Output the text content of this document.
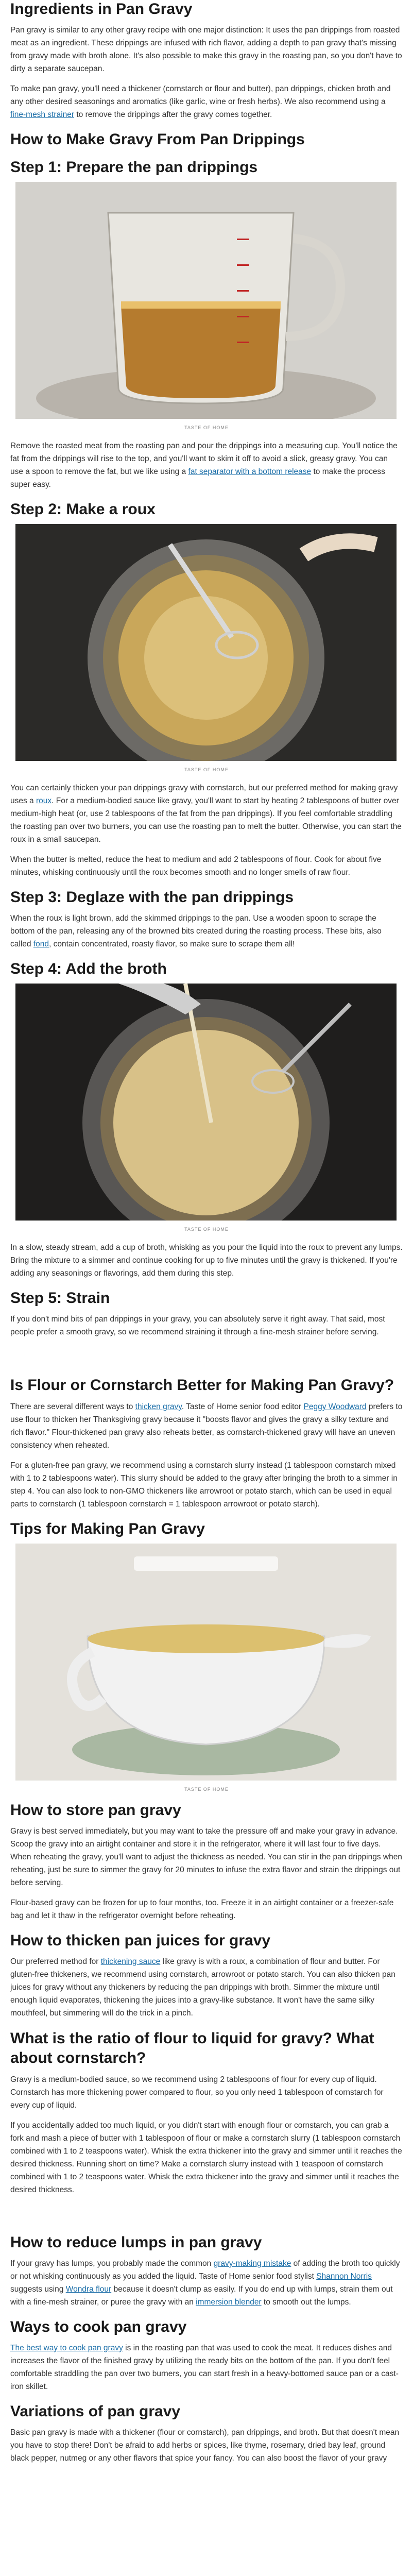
Ingredients in Pan Gravy

Pan gravy is similar to any other gravy recipe with one major distinction: It uses the pan drippings from roasted meat as an ingredient. These drippings are infused with rich flavor, adding a depth to pan gravy that's missing from gravy made with broth alone. It's also possible to make this gravy in the roasting pan, so you don't have to dirty a separate saucepan.

To make pan gravy, you'll need a thickener (cornstarch or flour and butter), pan drippings, chicken broth and any other desired seasonings and aromatics (like garlic, wine or fresh herbs). We also recommend using a fine-mesh strainer to remove the drippings after the gravy comes together.

How to Make Gravy From Pan Drippings
Step 1: Prepare the pan drippings
TASTE OF HOME

Remove the roasted meat from the roasting pan and pour the drippings into a measuring cup. You'll notice the fat from the drippings will rise to the top, and you'll want to skim it off to avoid a slick, greasy gravy. You can use a spoon to remove the fat, but we like using a fat separator with a bottom release to make the process super easy.

Step 2: Make a roux
TASTE OF HOME

You can certainly thicken your pan drippings gravy with cornstarch, but our preferred method for making gravy uses a roux. For a medium-bodied sauce like gravy, you'll want to start by heating 2 tablespoons of butter over medium-high heat (or, use 2 tablespoons of the fat from the pan drippings). If you feel comfortable straddling the roasting pan over two burners, you can use the roasting pan to melt the butter. Otherwise, you can start the roux in a small saucepan.

When the butter is melted, reduce the heat to medium and add 2 tablespoons of flour. Cook for about five minutes, whisking continuously until the roux becomes smooth and no longer smells of raw flour.

Step 3: Deglaze with the pan drippings

When the roux is light brown, add the skimmed drippings to the pan. Use a wooden spoon to scrape the bottom of the pan, releasing any of the browned bits created during the roasting process. These bits, also called fond, contain concentrated, roasty flavor, so make sure to scrape them all!

Step 4: Add the broth
TASTE OF HOME

In a slow, steady stream, add a cup of broth, whisking as you pour the liquid into the roux to prevent any lumps. Bring the mixture to a simmer and continue cooking for up to five minutes until the gravy is thickened. If you're adding any seasonings or flavorings, add them during this step.

Step 5: Strain

If you don't mind bits of pan drippings in your gravy, you can absolutely serve it right away. That said, most people prefer a smooth gravy, so we recommend straining it through a fine-mesh strainer before serving.

Is Flour or Cornstarch Better for Making Pan Gravy?

There are several different ways to thicken gravy. Taste of Home senior food editor Peggy Woodward prefers to use flour to thicken her Thanksgiving gravy because it "boosts flavor and gives the gravy a silky texture and rich flavor." Flour-thickened pan gravy also reheats better, as cornstarch-thickened gravy will have an uneven consistency when reheated.

For a gluten-free pan gravy, we recommend using a cornstarch slurry instead (1 tablespoon cornstarch mixed with 1 to 2 tablespoons water). This slurry should be added to the gravy after bringing the broth to a simmer in step 4. You can also look to non-GMO thickeners like arrowroot or potato starch, which can be used in equal parts to cornstarch (1 tablespoon cornstarch = 1 tablespoon arrowroot or potato starch).

Tips for Making Pan Gravy
TASTE OF HOME
How to store pan gravy

Gravy is best served immediately, but you may want to take the pressure off and make your gravy in advance. Scoop the gravy into an airtight container and store it in the refrigerator, where it will last four to five days. When reheating the gravy, you'll want to adjust the thickness as needed. You can stir in the pan drippings when reheating, just be sure to simmer the gravy for 20 minutes to infuse the extra flavor and strain the drippings out before serving.

Flour-based gravy can be frozen for up to four months, too. Freeze it in an airtight container or a freezer-safe bag and let it thaw in the refrigerator overnight before reheating.

How to thicken pan juices for gravy

Our preferred method for thickening sauce like gravy is with a roux, a combination of flour and butter. For gluten-free thickeners, we recommend using cornstarch, arrowroot or potato starch. You can also thicken pan juices for gravy without any thickeners by reducing the pan drippings with broth. Simmer the mixture until enough liquid evaporates, thickening the juices into a gravy-like substance. It won't have the same silky mouthfeel, but simmering will do the trick in a pinch.

What is the ratio of flour to liquid for gravy? What about cornstarch?

Gravy is a medium-bodied sauce, so we recommend using 2 tablespoons of flour for every cup of liquid. Cornstarch has more thickening power compared to flour, so you only need 1 tablespoon of cornstarch for every cup of liquid.

If you accidentally added too much liquid, or you didn't start with enough flour or cornstarch, you can grab a fork and mash a piece of butter with 1 tablespoon of flour or make a cornstarch slurry (1 tablespoon cornstarch combined with 1 to 2 teaspoons water). Whisk the extra thickener into the gravy and simmer until it reaches the desired thickness. Running short on time? Make a cornstarch slurry instead with 1 teaspoon of cornstarch combined with 1 to 2 teaspoons water. Whisk the extra thickener into the gravy and simmer until it reaches the desired thickness.

How to reduce lumps in pan gravy

If your gravy has lumps, you probably made the common gravy-making mistake of adding the broth too quickly or not whisking continuously as you added the liquid. Taste of Home senior food stylist Shannon Norris suggests using Wondra flour because it doesn't clump as easily. If you do end up with lumps, strain them out with a fine-mesh strainer, or puree the gravy with an immersion blender to smooth out the lumps.

Ways to cook pan gravy

The best way to cook pan gravy is in the roasting pan that was used to cook the meat. It reduces dishes and increases the flavor of the finished gravy by utilizing the ready bits on the bottom of the pan. If you don't feel comfortable straddling the pan over two burners, you can start fresh in a heavy-bottomed sauce pan or a cast-iron skillet.

Variations of pan gravy

Basic pan gravy is made with a thickener (flour or cornstarch), pan drippings, and broth. But that doesn't mean you have to stop there! Don't be afraid to add herbs or spices, like thyme, rosemary, dried bay leaf, ground black pepper, nutmeg or any other flavors that spice your fancy. You can also boost the flavor of your gravy
